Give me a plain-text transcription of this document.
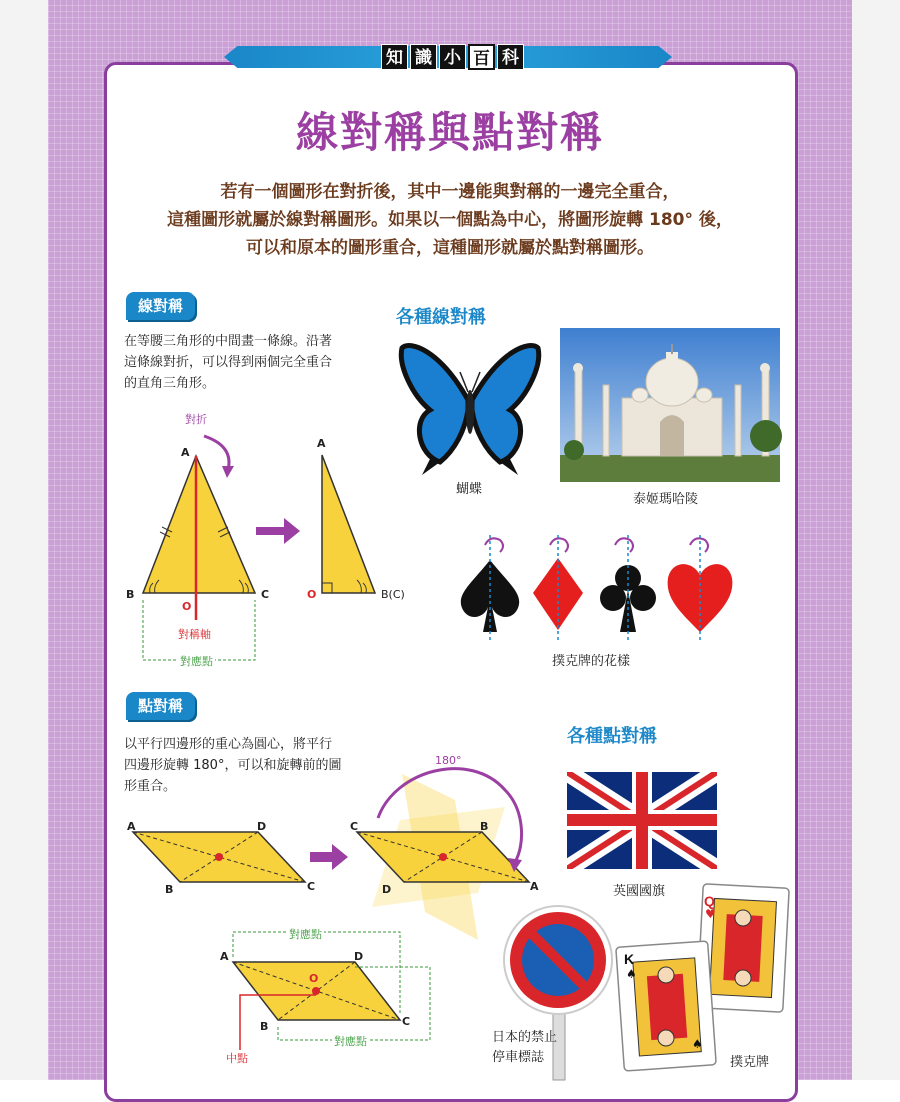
知 識 小 百 科
線對稱與點對稱
若有一個圖形在對折後，其中一邊能與對稱的一邊完全重合，
這種圖形就屬於線對稱圖形。如果以一個點為中心，將圖形旋轉 180° 後，
可以和原本的圖形重合，這種圖形就屬於點對稱圖形。
線對稱
在等腰三角形的中間畫一條線。沿著
這條線對折，可以得到兩個完全重合
的直角三角形。
對折
A
B	C
O
對稱軸
對應點
A
O	B(C)
各種線對稱
蝴蝶
泰姬瑪哈陵
撲克牌的花樣
點對稱
以平行四邊形的重心為圓心，將平行
四邊形旋轉 180°，可以和旋轉前的圖
形重合。
180°
A	D
B	C
C	B
D	A
對應點
A	D
O
B	C
對應點
中點
各種點對稱
英國國旗
日本的禁止
停車標誌
Q
♥
K
♠
♠
撲克牌
